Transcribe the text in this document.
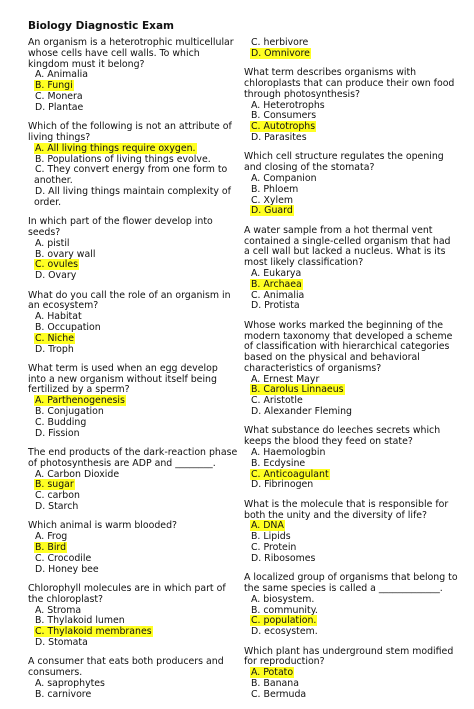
Biology Diagnostic Exam
An organism is a heterotrophic multicellular whose cells have cell walls. To which kingdom must it belong?
A. Animalia
B. Fungi
C. Monera
D. Plantae
Which of the following is not an attribute of living things?
A. All living things require oxygen.
B. Populations of living things evolve.
C. They convert energy from one form to another.
D. All living things maintain complexity of order.
In which part of the flower develop into seeds?
A. pistil
B. ovary wall
C. ovules
D. Ovary
What do you call the role of an organism in an ecosystem?
A. Habitat
B. Occupation
C. Niche
D. Troph
What term is used when an egg develop into a new organism without itself being fertilized by a sperm?
A. Parthenogenesis
B. Conjugation
C. Budding
D. Fission
The end products of the dark-reaction phase of photosynthesis are ADP and ________.
A. Carbon Dioxide
B. sugar
C. carbon
D. Starch
Which animal is warm blooded?
A. Frog
B. Bird
C. Crocodile
D. Honey bee
Chlorophyll molecules are in which part of the chloroplast?
A. Stroma
B. Thylakoid lumen
C. Thylakoid membranes
D. Stomata
A consumer that eats both producers and consumers.
A. saprophytes
B. carnivore
C. herbivore
D. Omnivore
What term describes organisms with chloroplasts that can produce their own food through photosynthesis?
A. Heterotrophs
B. Consumers
C. Autotrophs
D. Parasites
Which cell structure regulates the opening and closing of the stomata?
A. Companion
B. Phloem
C. Xylem
D. Guard
A water sample from a hot thermal vent contained a single-celled organism that had a cell wall but lacked a nucleus. What is its most likely classification?
A. Eukarya
B. Archaea
C. Animalia
D. Protista
Whose works marked the beginning of the modern taxonomy that developed a scheme of classification with hierarchical categories based on the physical and behavioral characteristics of organisms?
A. Ernest Mayr
B. Carolus Linnaeus
C. Aristotle
D. Alexander Fleming
What substance do leeches secrets which keeps the blood they feed on state?
A. Haemologbin
B. Ecdysine
C. Anticoagulant
D. Fibrinogen
What is the molecule that is responsible for both the unity and the diversity of life?
A. DNA
B. Lipids
C. Protein
D. Ribosomes
A localized group of organisms that belong to the same species is called a _____________.
A. biosystem.
B. community.
C. population.
D. ecosystem.
Which plant has underground stem modified for reproduction?
A. Potato
B. Banana
C. Bermuda
